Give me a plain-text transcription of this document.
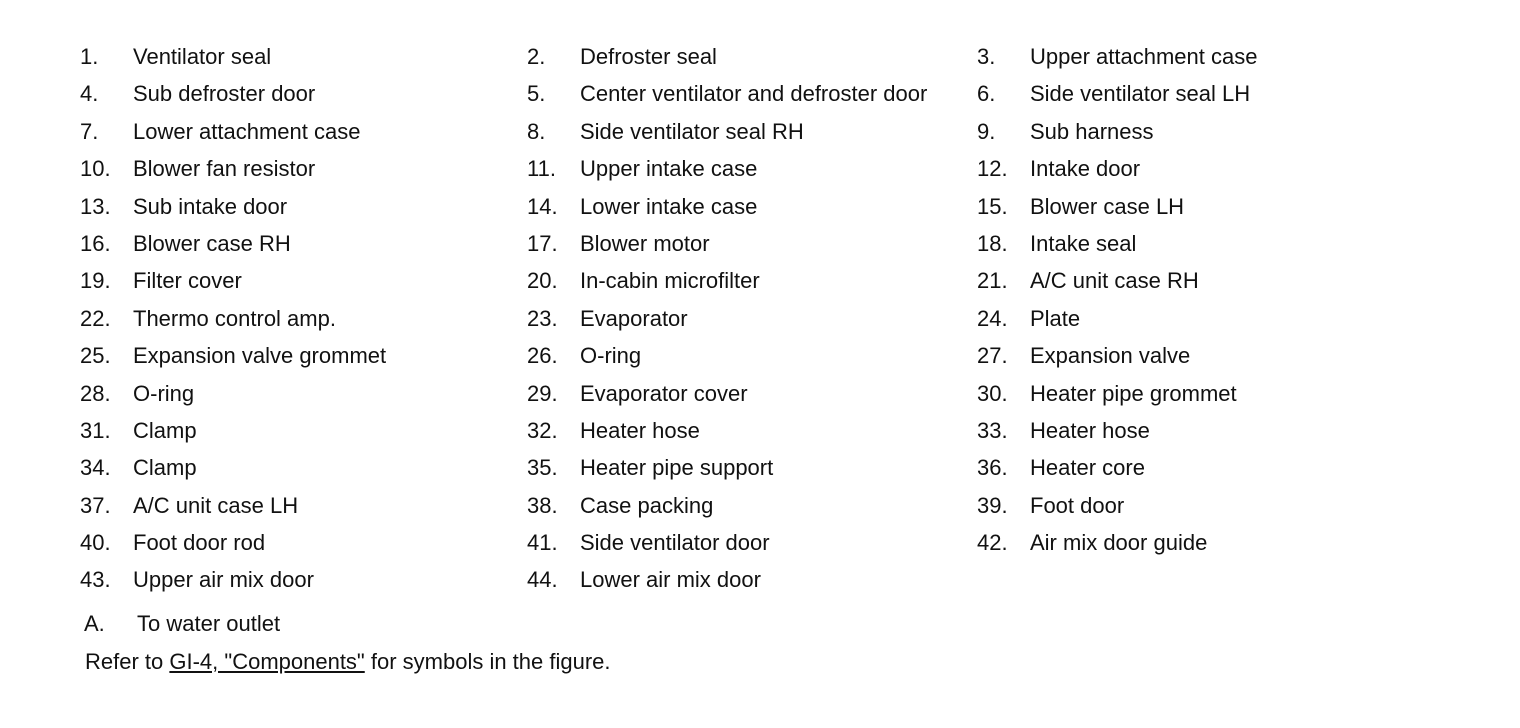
1.	Ventilator seal	2.	Defroster seal	3.	Upper attachment case
4.	Sub defroster door	5.	Center ventilator and defroster door 6.	Side ventilator seal LH
7.	Lower attachment case	8.	Side ventilator seal RH	9.	Sub harness
10.	Blower fan resistor	11.	Upper intake case	12.	Intake door
13.	Sub intake door	14.	Lower intake case	15.	Blower case LH
16.	Blower case RH	17.	Blower motor	18.	Intake seal
19.	Filter cover	20.	In-cabin microfilter	21.	A/C unit case RH
22.	Thermo control amp.	23.	Evaporator	24.	Plate
25.	Expansion valve grommet	26.	O-ring	27.	Expansion valve
28.	O-ring	29.	Evaporator cover	30.	Heater pipe grommet
31.	Clamp	32.	Heater hose	33.	Heater hose
34.	Clamp	35.	Heater pipe support	36.	Heater core
37.	A/C unit case LH	38.	Case packing	39.	Foot door
40.	Foot door rod	41.	Side ventilator door	42.	Air mix door guide
43.	Upper air mix door	44.	Lower air mix door
A.	To water outlet
Refer to GI-4, "Components" for symbols in the figure.
